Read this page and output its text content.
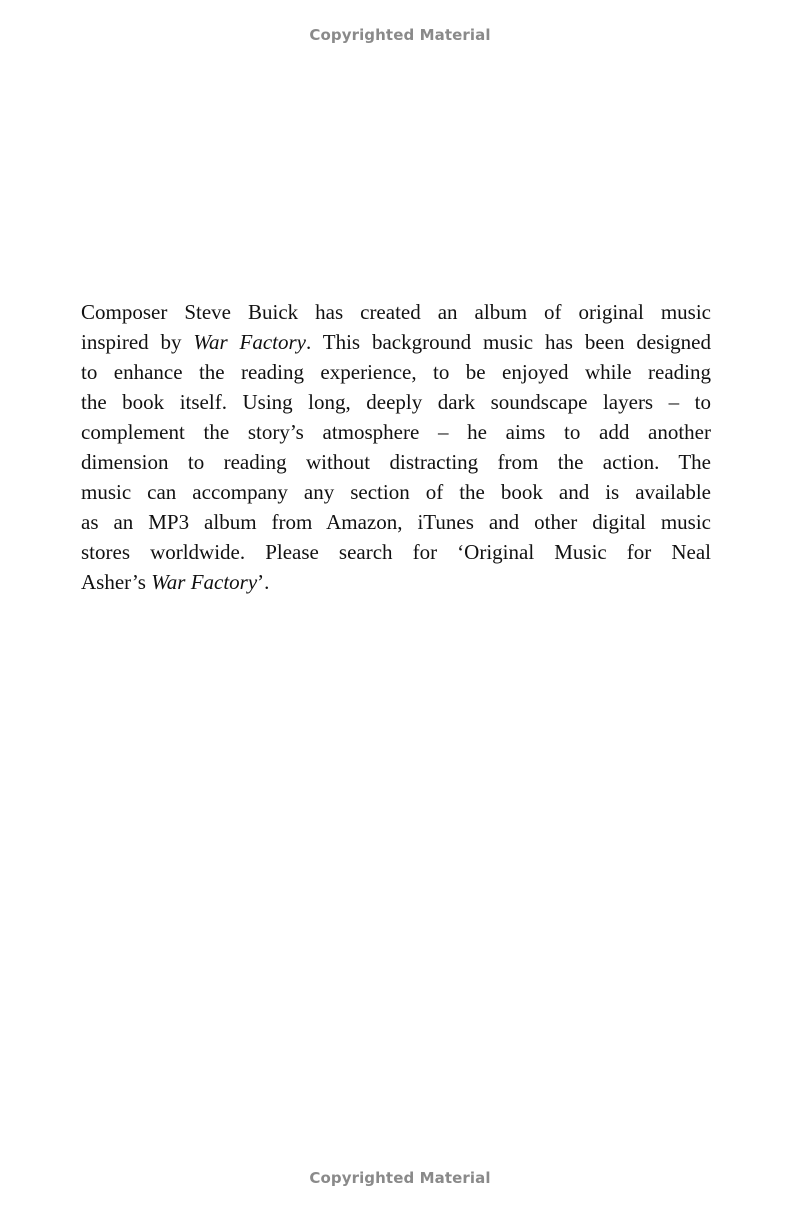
Copyrighted Material

Composer Steve Buick has created an album of original music
inspired by War Factory. This background music has been designed
to enhance the reading experience, to be enjoyed while reading
the book itself. Using long, deeply dark soundscape layers – to
complement the story’s atmosphere – he aims to add another
dimension to reading without distracting from the action. The
music can accompany any section of the book and is available
as an MP3 album from Amazon, iTunes and other digital music
stores worldwide. Please search for ‘Original Music for Neal
Asher’s War Factory’.

Copyrighted Material
